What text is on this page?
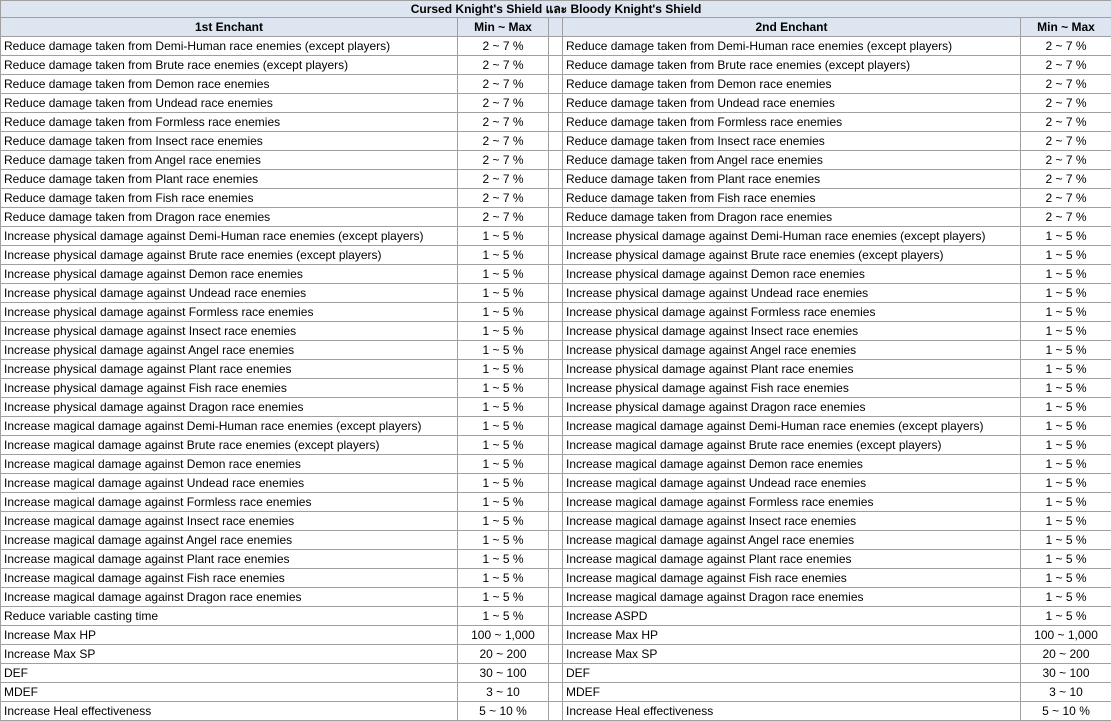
Cursed Knight's Shield และ Bloody Knight's Shield				
1st Enchant	Min ~ Max		2nd Enchant	Min ~ Max
Reduce damage taken from Demi-Human race enemies (except players)	2 ~ 7 %		Reduce damage taken from Demi-Human race enemies (except players)	2 ~ 7 %
Reduce damage taken from Brute race enemies (except players)	2 ~ 7 %		Reduce damage taken from Brute race enemies (except players)	2 ~ 7 %
Reduce damage taken from Demon race enemies	2 ~ 7 %		Reduce damage taken from Demon race enemies	2 ~ 7 %
Reduce damage taken from Undead race enemies	2 ~ 7 %		Reduce damage taken from Undead race enemies	2 ~ 7 %
Reduce damage taken from Formless race enemies	2 ~ 7 %		Reduce damage taken from Formless race enemies	2 ~ 7 %
Reduce damage taken from Insect race enemies	2 ~ 7 %		Reduce damage taken from Insect race enemies	2 ~ 7 %
Reduce damage taken from Angel race enemies	2 ~ 7 %		Reduce damage taken from Angel race enemies	2 ~ 7 %
Reduce damage taken from Plant race enemies	2 ~ 7 %		Reduce damage taken from Plant race enemies	2 ~ 7 %
Reduce damage taken from Fish race enemies	2 ~ 7 %		Reduce damage taken from Fish race enemies	2 ~ 7 %
Reduce damage taken from Dragon race enemies	2 ~ 7 %		Reduce damage taken from Dragon race enemies	2 ~ 7 %
Increase physical damage against Demi-Human race enemies (except players)	1 ~ 5 %		Increase physical damage against Demi-Human race enemies (except players)	1 ~ 5 %
Increase physical damage against Brute race enemies (except players)	1 ~ 5 %		Increase physical damage against Brute race enemies (except players)	1 ~ 5 %
Increase physical damage against Demon race enemies	1 ~ 5 %		Increase physical damage against Demon race enemies	1 ~ 5 %
Increase physical damage against Undead race enemies	1 ~ 5 %		Increase physical damage against Undead race enemies	1 ~ 5 %
Increase physical damage against Formless race enemies	1 ~ 5 %		Increase physical damage against Formless race enemies	1 ~ 5 %
Increase physical damage against Insect race enemies	1 ~ 5 %		Increase physical damage against Insect race enemies	1 ~ 5 %
Increase physical damage against Angel race enemies	1 ~ 5 %		Increase physical damage against Angel race enemies	1 ~ 5 %
Increase physical damage against Plant race enemies	1 ~ 5 %		Increase physical damage against Plant race enemies	1 ~ 5 %
Increase physical damage against Fish race enemies	1 ~ 5 %		Increase physical damage against Fish race enemies	1 ~ 5 %
Increase physical damage against Dragon race enemies	1 ~ 5 %		Increase physical damage against Dragon race enemies	1 ~ 5 %
Increase magical damage against Demi-Human race enemies (except players)	1 ~ 5 %		Increase magical damage against Demi-Human race enemies (except players)	1 ~ 5 %
Increase magical damage against Brute race enemies (except players)	1 ~ 5 %		Increase magical damage against Brute race enemies (except players)	1 ~ 5 %
Increase magical damage against Demon race enemies	1 ~ 5 %		Increase magical damage against Demon race enemies	1 ~ 5 %
Increase magical damage against Undead race enemies	1 ~ 5 %		Increase magical damage against Undead race enemies	1 ~ 5 %
Increase magical damage against Formless race enemies	1 ~ 5 %		Increase magical damage against Formless race enemies	1 ~ 5 %
Increase magical damage against Insect race enemies	1 ~ 5 %		Increase magical damage against Insect race enemies	1 ~ 5 %
Increase magical damage against Angel race enemies	1 ~ 5 %		Increase magical damage against Angel race enemies	1 ~ 5 %
Increase magical damage against Plant race enemies	1 ~ 5 %		Increase magical damage against Plant race enemies	1 ~ 5 %
Increase magical damage against Fish race enemies	1 ~ 5 %		Increase magical damage against Fish race enemies	1 ~ 5 %
Increase magical damage against Dragon race enemies	1 ~ 5 %		Increase magical damage against Dragon race enemies	1 ~ 5 %
Reduce variable casting time	1 ~ 5 %		Increase ASPD	1 ~ 5 %
Increase Max HP	100 ~ 1,000		Increase Max HP	100 ~ 1,000
Increase Max SP	20 ~ 200		Increase Max SP	20 ~ 200
DEF	30 ~ 100		DEF	30 ~ 100
MDEF	3 ~ 10		MDEF	3 ~ 10
Increase Heal effectiveness	5 ~ 10 %		Increase Heal effectiveness	5 ~ 10 %
